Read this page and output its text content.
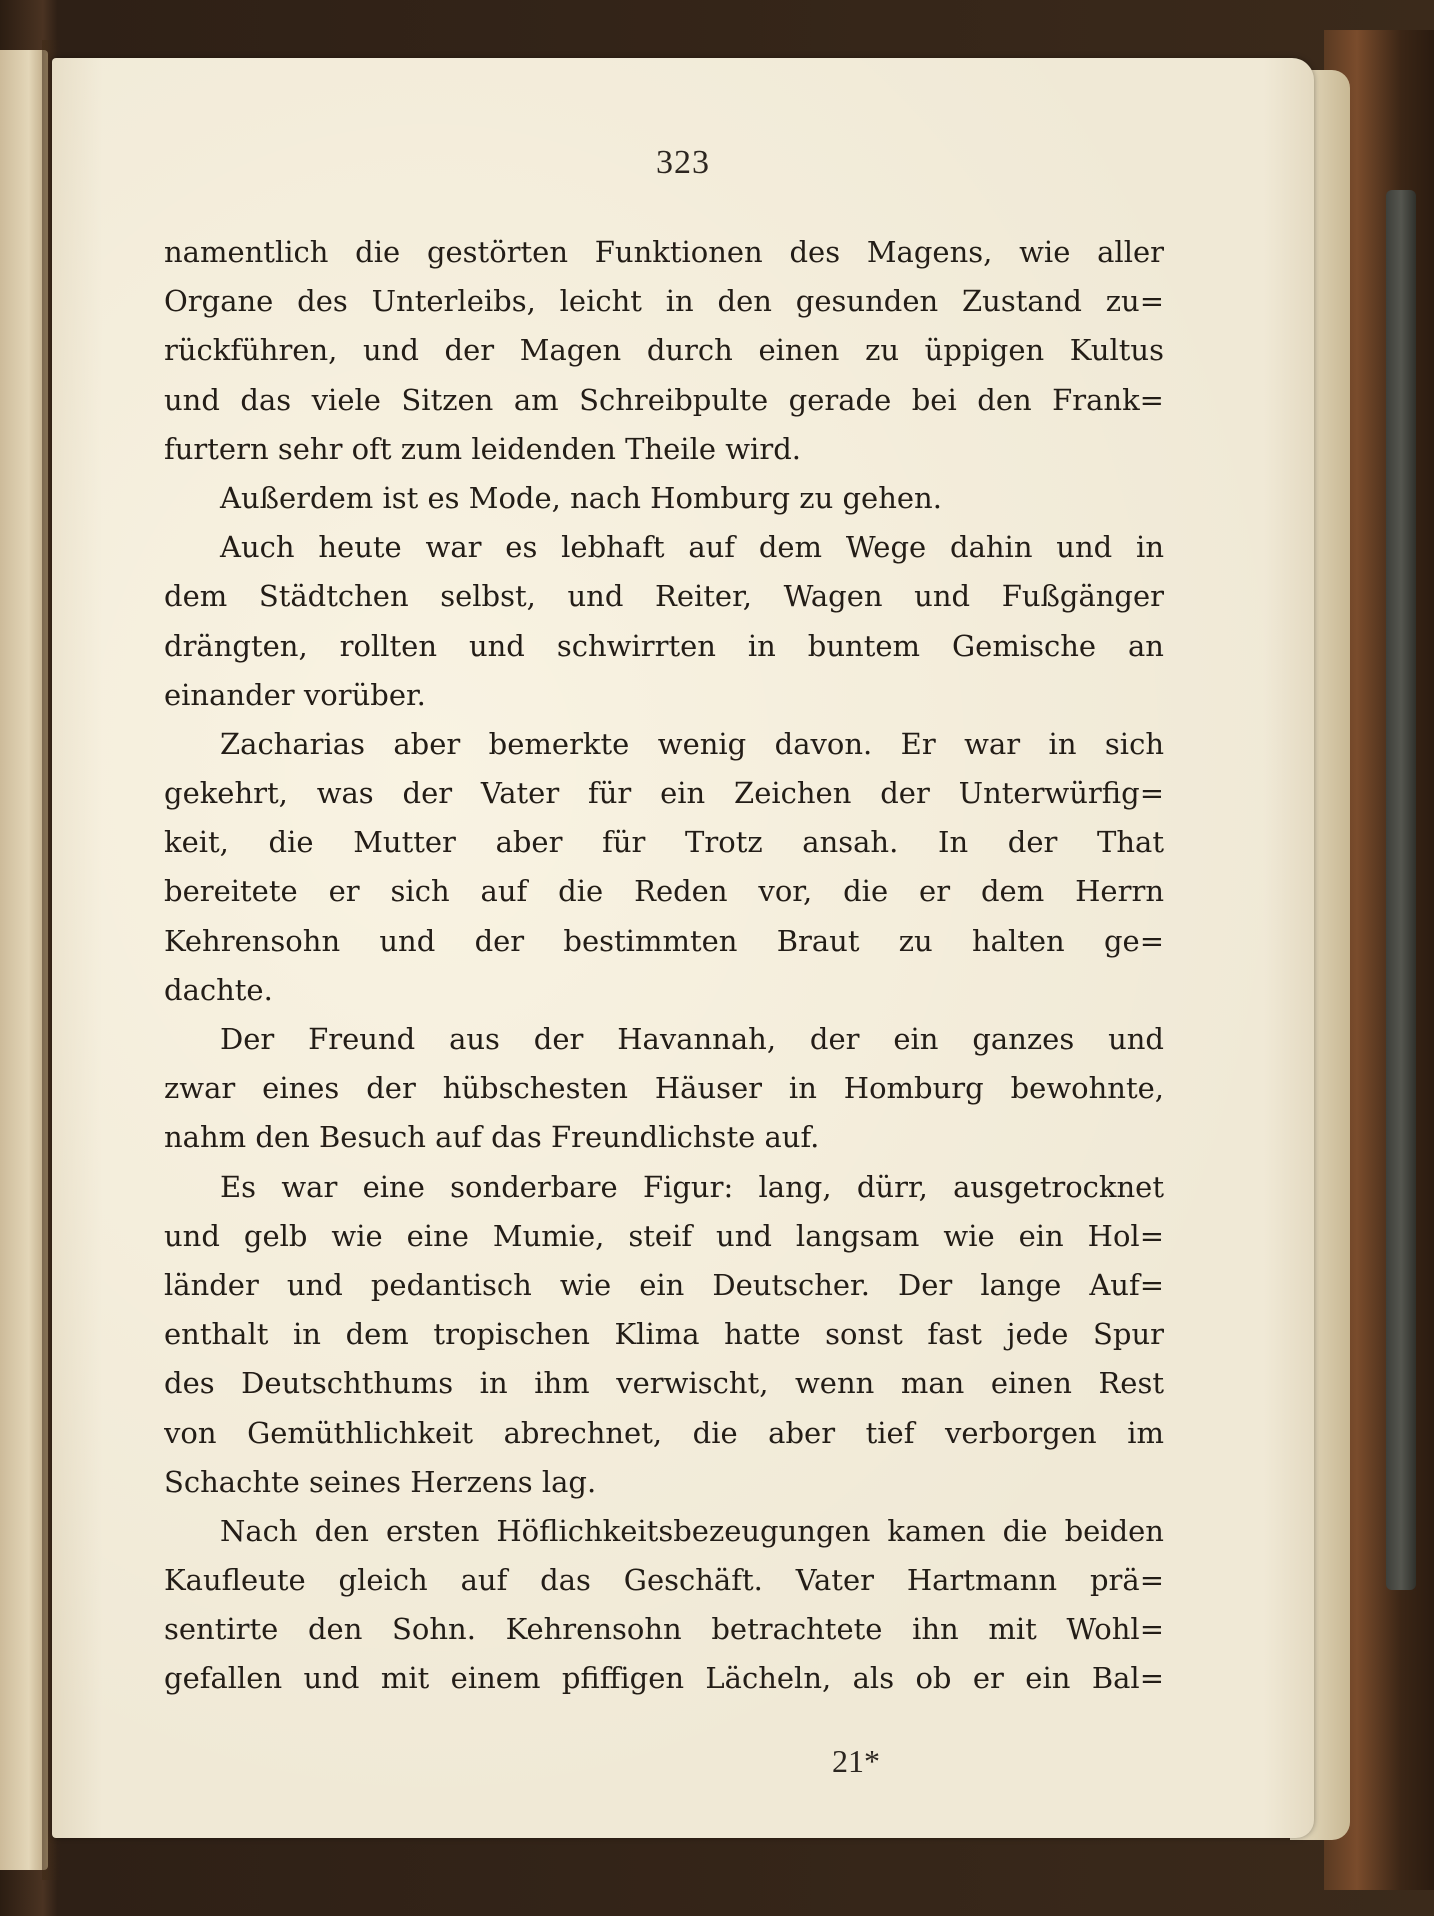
323
namentlich die gestörten Funktionen des Magens, wie aller
Organe des Unterleibs, leicht in den gesunden Zustand zu=
rückführen, und der Magen durch einen zu üppigen Kultus
und das viele Sitzen am Schreibpulte gerade bei den Frank=
furtern sehr oft zum leidenden Theile wird.
Außerdem ist es Mode, nach Homburg zu gehen.
Auch heute war es lebhaft auf dem Wege dahin und in
dem Städtchen selbst, und Reiter, Wagen und Fußgänger
drängten, rollten und schwirrten in buntem Gemische an
einander vorüber.
Zacharias aber bemerkte wenig davon. Er war in sich
gekehrt, was der Vater für ein Zeichen der Unterwürfig=
keit, die Mutter aber für Trotz ansah. In der That
bereitete er sich auf die Reden vor, die er dem Herrn
Kehrensohn und der bestimmten Braut zu halten ge=
dachte.
Der Freund aus der Havannah, der ein ganzes und
zwar eines der hübschesten Häuser in Homburg bewohnte,
nahm den Besuch auf das Freundlichste auf.
Es war eine sonderbare Figur: lang, dürr, ausgetrocknet
und gelb wie eine Mumie, steif und langsam wie ein Hol=
länder und pedantisch wie ein Deutscher. Der lange Auf=
enthalt in dem tropischen Klima hatte sonst fast jede Spur
des Deutschthums in ihm verwischt, wenn man einen Rest
von Gemüthlichkeit abrechnet, die aber tief verborgen im
Schachte seines Herzens lag.
Nach den ersten Höflichkeitsbezeugungen kamen die beiden
Kaufleute gleich auf das Geschäft. Vater Hartmann prä=
sentirte den Sohn. Kehrensohn betrachtete ihn mit Wohl=
gefallen und mit einem pfiffigen Lächeln, als ob er ein Bal=
21*
